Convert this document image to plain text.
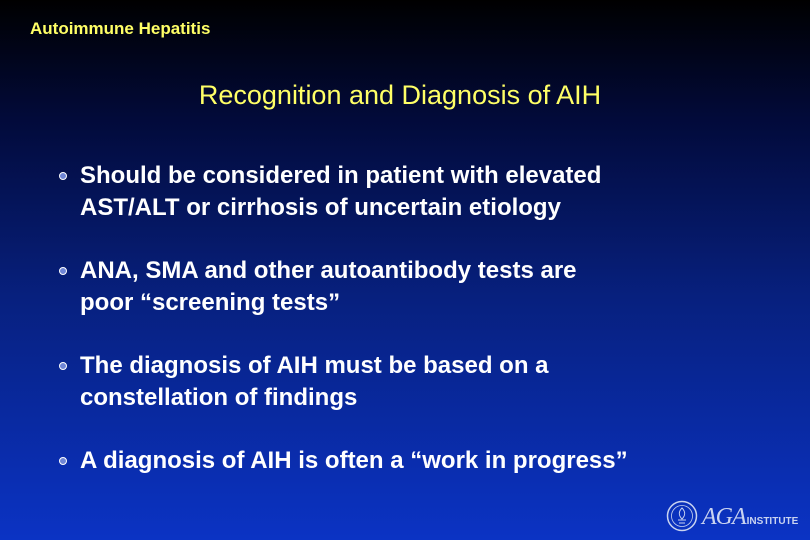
Autoimmune Hepatitis
Recognition and Diagnosis of AIH
Should be considered in patient with elevated
AST/ALT or cirrhosis of uncertain etiology
ANA, SMA and other autoantibody tests are
poor “screening tests”
The diagnosis of AIH must be based on a
constellation of findings
A diagnosis of AIH is often a “work in progress”
AGAINSTITUTE
